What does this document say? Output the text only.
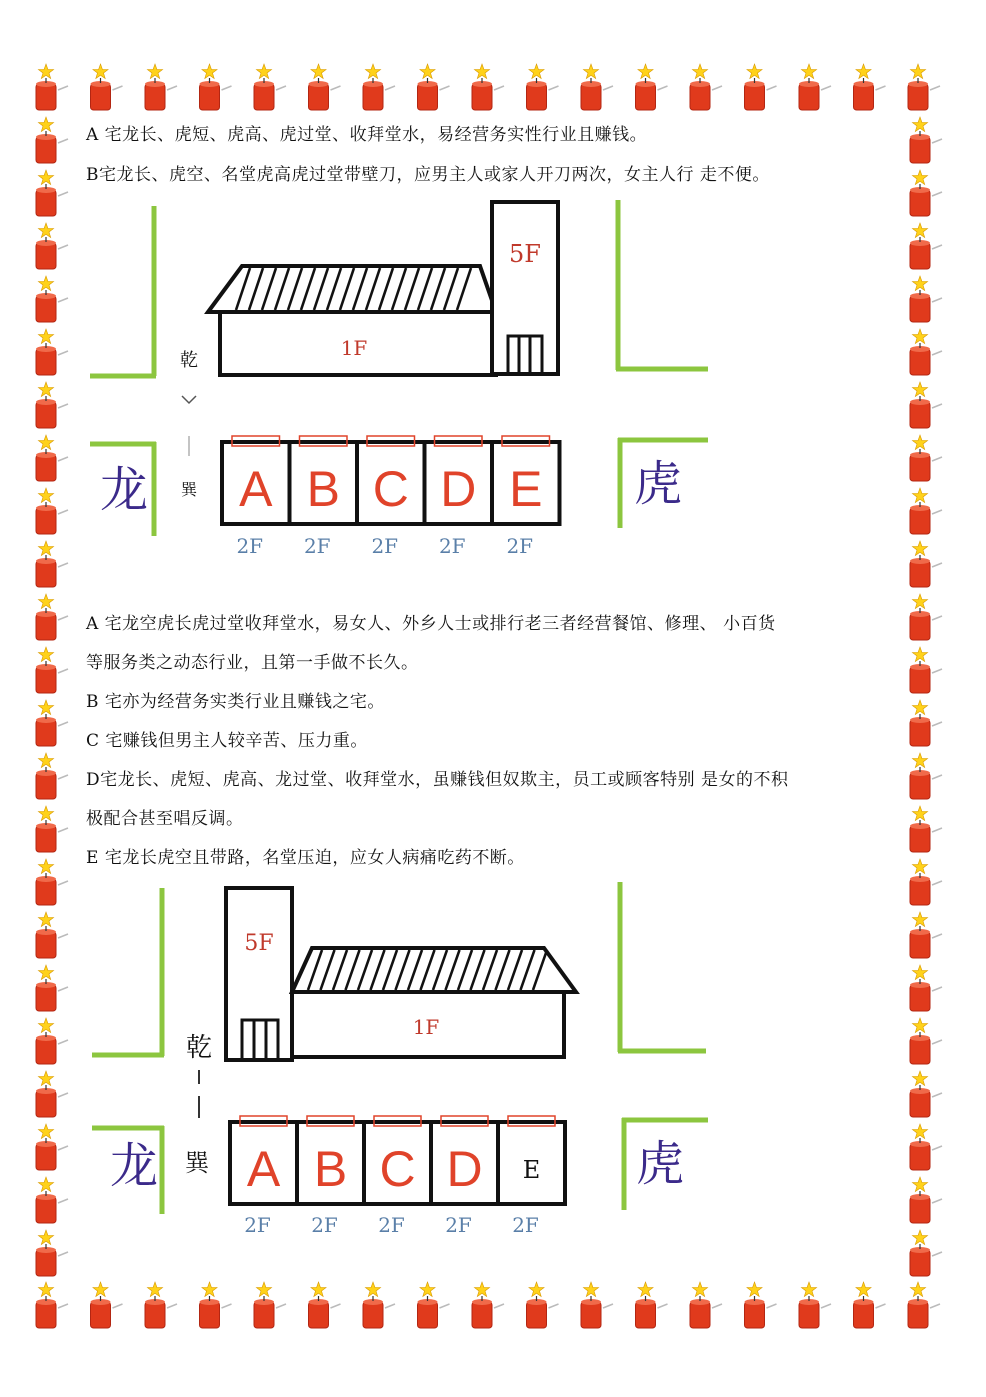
A 宅龙长、虎短、虎高、虎过堂、收拜堂水，易经营务实性行业且赚钱。
B宅龙长、虎空、名堂虎高虎过堂带壁刀，应男主人或家人开刀两次，女主人行 走不便。
1F
5F
乾
巽
龙	虎
A
2F
B
2F
C
2F
D
2F
E
2F
A 宅龙空虎长虎过堂收拜堂水，易女人、外乡人士或排行老三者经营餐馆、修理、 小百货
等服务类之动态行业，且第一手做不长久。
B 宅亦为经营务实类行业且赚钱之宅。
C 宅赚钱但男主人较辛苦、压力重。
D宅龙长、虎短、虎高、龙过堂、收拜堂水，虽赚钱但奴欺主，员工或顾客特别 是女的不积
极配合甚至唱反调。
E 宅龙长虎空且带路，名堂压迫，应女人病痛吃药不断。
5F
1F
乾
巽
龙	虎
A
2F
B
2F
C
2F
D
2F
E
2F
